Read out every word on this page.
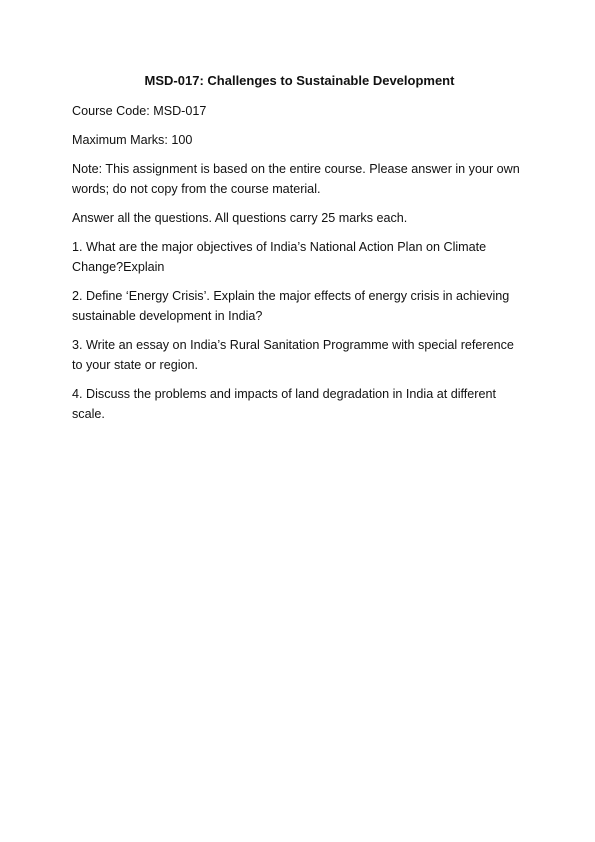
MSD-017: Challenges to Sustainable Development
Course Code: MSD-017
Maximum Marks: 100
Note: This assignment is based on the entire course. Please answer in your own words; do not copy from the course material.
Answer all the questions. All questions carry 25 marks each.
1. What are the major objectives of India’s National Action Plan on Climate Change?Explain
2. Define ‘Energy Crisis’. Explain the major effects of energy crisis in achieving sustainable development in India?
3. Write an essay on India’s Rural Sanitation Programme with special reference to your state or region.
4. Discuss the problems and impacts of land degradation in India at different scale.
